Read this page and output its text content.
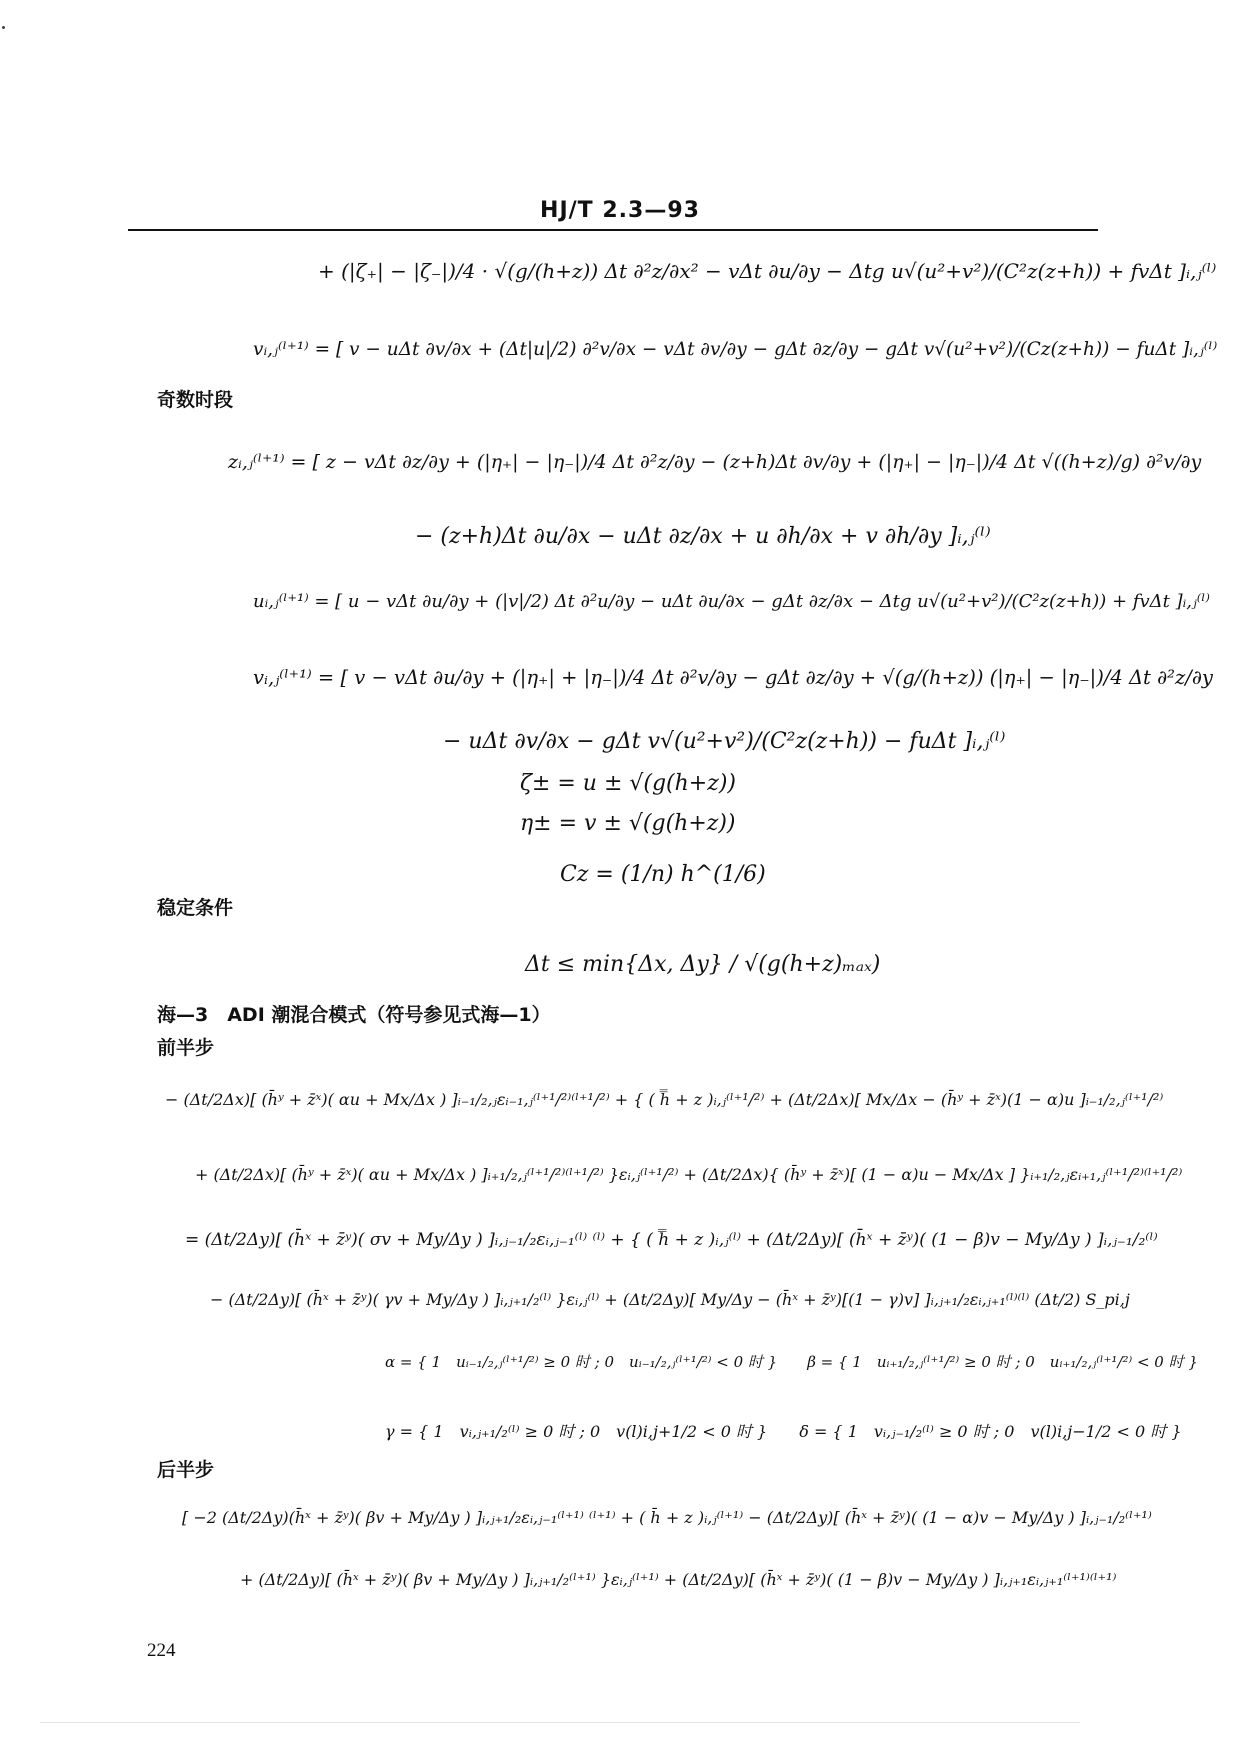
HJ/T 2.3—93
+ (|ζ₊| − |ζ₋|)/4 · √(g/(h+z)) Δt ∂²z/∂x² − vΔt ∂u/∂y − Δtg u√(u²+v²)/(C²z(z+h)) + fvΔt ]ᵢ,ⱼ⁽ˡ⁾
vᵢ,ⱼ⁽ˡ⁺¹⁾ = [ v − uΔt ∂v/∂x + (Δt|u|/2) ∂²v/∂x − vΔt ∂v/∂y − gΔt ∂z/∂y − gΔt v√(u²+v²)/(Cz(z+h)) − fuΔt ]ᵢ,ⱼ⁽ˡ⁾
奇数时段
zᵢ,ⱼ⁽ˡ⁺¹⁾ = [ z − vΔt ∂z/∂y + (|η₊| − |η₋|)/4 Δt ∂²z/∂y − (z+h)Δt ∂v/∂y + (|η₊| − |η₋|)/4 Δt √((h+z)/g) ∂²v/∂y
− (z+h)Δt ∂u/∂x − uΔt ∂z/∂x + u ∂h/∂x + v ∂h/∂y ]ᵢ,ⱼ⁽ˡ⁾
uᵢ,ⱼ⁽ˡ⁺¹⁾ = [ u − vΔt ∂u/∂y + (|v|/2) Δt ∂²u/∂y − uΔt ∂u/∂x − gΔt ∂z/∂x − Δtg u√(u²+v²)/(C²z(z+h)) + fvΔt ]ᵢ,ⱼ⁽ˡ⁾
vᵢ,ⱼ⁽ˡ⁺¹⁾ = [ v − vΔt ∂u/∂y + (|η₊| + |η₋|)/4 Δt ∂²v/∂y − gΔt ∂z/∂y + √(g/(h+z)) (|η₊| − |η₋|)/4 Δt ∂²z/∂y
− uΔt ∂v/∂x − gΔt v√(u²+v²)/(C²z(z+h)) − fuΔt ]ᵢ,ⱼ⁽ˡ⁾
ζ± = u ± √(g(h+z))
η± = v ± √(g(h+z))
Cz = (1/n) h^(1/6)
稳定条件
Δt ≤ min{Δx, Δy} / √(g(h+z)ₘₐₓ)
海—3　ADI 潮混合模式（符号参见式海—1）
前半步
− (Δt/2Δx)[ (h̄ʸ + z̄ˣ)( αu + Mx/Δx ) ]ᵢ₋₁/₂,ⱼεᵢ₋₁,ⱼ⁽ˡ⁺¹/²⁾⁽ˡ⁺¹/²⁾ + { ( h̿ + z )ᵢ,ⱼ⁽ˡ⁺¹/²⁾ + (Δt/2Δx)[ Mx/Δx − (h̄ʸ + z̄ˣ)(1 − α)u ]ᵢ₋₁/₂,ⱼ⁽ˡ⁺¹/²⁾
+ (Δt/2Δx)[ (h̄ʸ + z̄ˣ)( αu + Mx/Δx ) ]ᵢ₊₁/₂,ⱼ⁽ˡ⁺¹/²⁾⁽ˡ⁺¹/²⁾ }εᵢ,ⱼ⁽ˡ⁺¹/²⁾ + (Δt/2Δx){ (h̄ʸ + z̄ˣ)[ (1 − α)u − Mx/Δx ] }ᵢ₊₁/₂,ⱼεᵢ₊₁,ⱼ⁽ˡ⁺¹/²⁾⁽ˡ⁺¹/²⁾
= (Δt/2Δy)[ (h̄ˣ + z̄ʸ)( σv + My/Δy ) ]ᵢ,ⱼ₋₁/₂εᵢ,ⱼ₋₁⁽ˡ⁾ ⁽ˡ⁾ + { ( h̿ + z )ᵢ,ⱼ⁽ˡ⁾ + (Δt/2Δy)[ (h̄ˣ + z̄ʸ)( (1 − β)v − My/Δy ) ]ᵢ,ⱼ₋₁/₂⁽ˡ⁾
− (Δt/2Δy)[ (h̄ˣ + z̄ʸ)( γv + My/Δy ) ]ᵢ,ⱼ₊₁/₂⁽ˡ⁾ }εᵢ,ⱼ⁽ˡ⁾ + (Δt/2Δy)[ My/Δy − (h̄ˣ + z̄ʸ)[(1 − γ)v] ]ᵢ,ⱼ₊₁/₂εᵢ,ⱼ₊₁⁽ˡ⁾⁽ˡ⁾ (Δt/2) S_pi,j
α = { 1　uᵢ₋₁/₂,ⱼ⁽ˡ⁺¹/²⁾ ≥ 0 时 ; 0　uᵢ₋₁/₂,ⱼ⁽ˡ⁺¹/²⁾ < 0 时 }　　β = { 1　uᵢ₊₁/₂,ⱼ⁽ˡ⁺¹/²⁾ ≥ 0 时 ; 0　uᵢ₊₁/₂,ⱼ⁽ˡ⁺¹/²⁾ < 0 时 }
γ = { 1　vᵢ,ⱼ₊₁/₂⁽ˡ⁾ ≥ 0 时 ; 0　v(l)i,j+1/2 < 0 时 }　　δ = { 1　vᵢ,ⱼ₋₁/₂⁽ˡ⁾ ≥ 0 时 ; 0　v(l)i,j−1/2 < 0 时 }
后半步
[ −2 (Δt/2Δy)(h̄ˣ + z̄ʸ)( βv + My/Δy ) ]ᵢ,ⱼ₊₁/₂εᵢ,ⱼ₋₁⁽ˡ⁺¹⁾ ⁽ˡ⁺¹⁾ + ( h̄ + z )ᵢ,ⱼ⁽ˡ⁺¹⁾ − (Δt/2Δy)[ (h̄ˣ + z̄ʸ)( (1 − α)v − My/Δy ) ]ᵢ,ⱼ₋₁/₂⁽ˡ⁺¹⁾
+ (Δt/2Δy)[ (h̄ˣ + z̄ʸ)( βv + My/Δy ) ]ᵢ,ⱼ₊₁/₂⁽ˡ⁺¹⁾ }εᵢ,ⱼ⁽ˡ⁺¹⁾ + (Δt/2Δy)[ (h̄ˣ + z̄ʸ)( (1 − β)v − My/Δy ) ]ᵢ,ⱼ₊₁εᵢ,ⱼ₊₁⁽ˡ⁺¹⁾⁽ˡ⁺¹⁾
224
